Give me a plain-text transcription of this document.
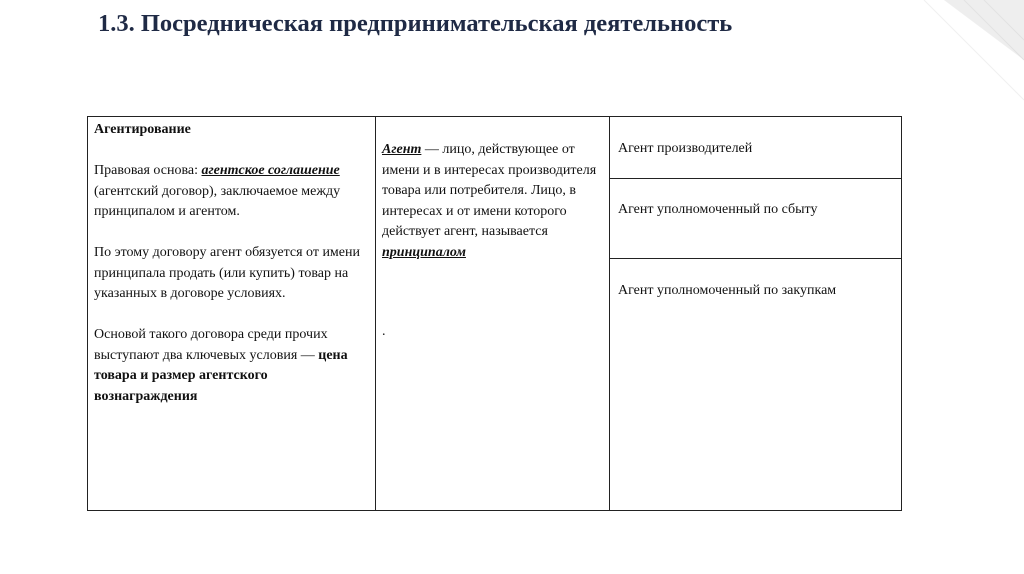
1.3. Посредническая предпринимательская деятельность

Агентирование

Правовая основа: агентское соглашение (агентский договор), заключаемое между принципалом и агентом.

По этому договору агент обязуется от имени принципала продать (или купить) товар на указанных в договоре условиях.

Основой такого договора среди прочих выступают два ключевых условия — цена товара и размер агентского вознаграждения

Агент — лицо, действующее от имени и в интересах производителя товара или потребителя. Лицо, в интересах и от имени которого действует агент, называется принципалом
.
Агент производителей
Агент уполномоченный по сбыту
Агент уполномоченный по закупкам
